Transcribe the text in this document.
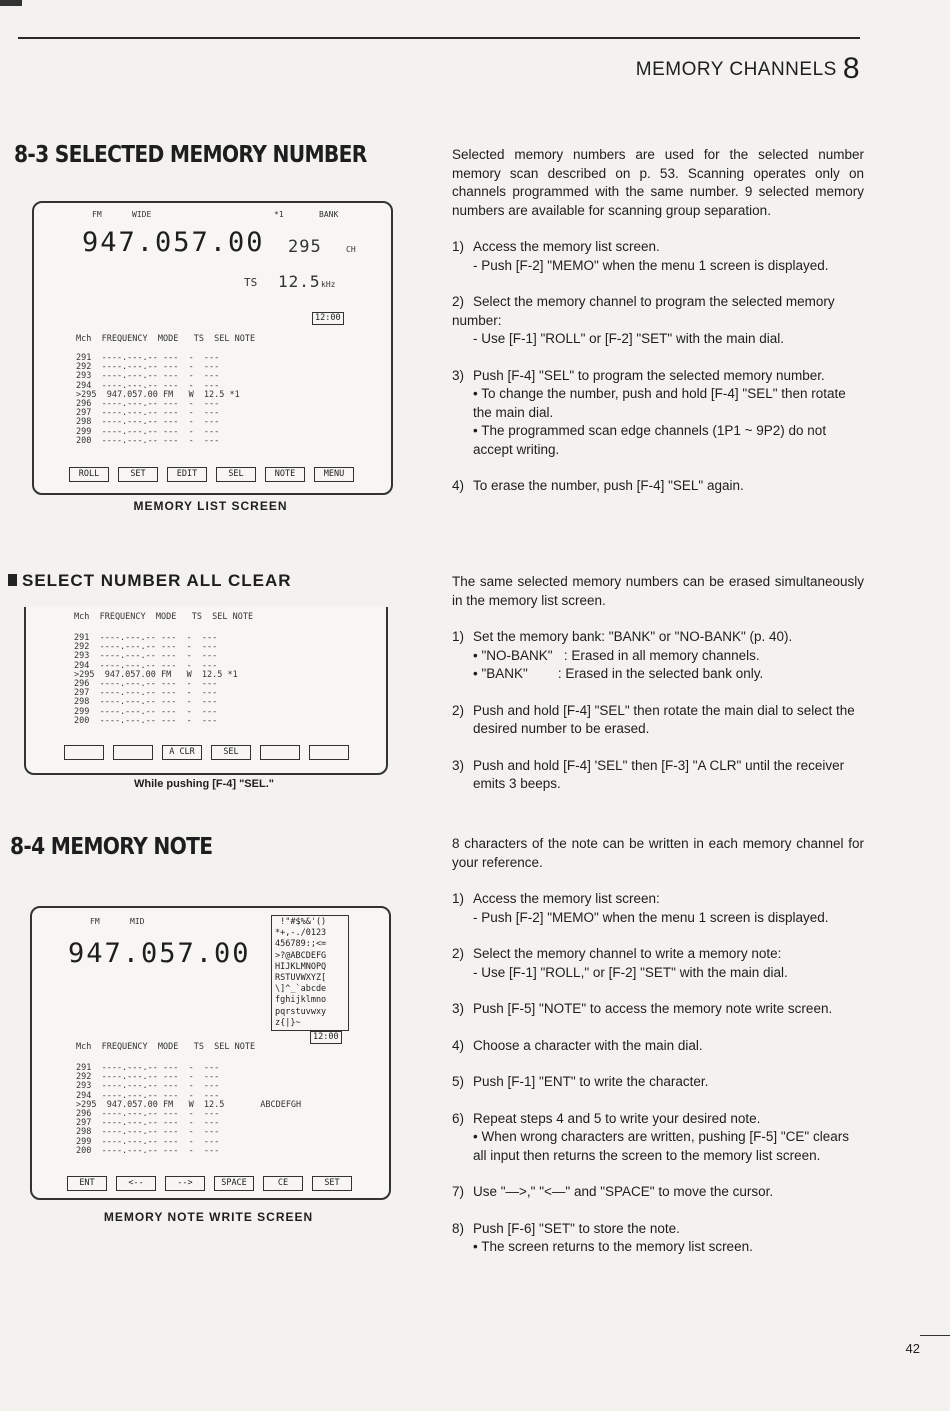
MEMORY CHANNELS 8
8-3 SELECTED MEMORY NUMBER
FM	WIDE	*1	BANK
947.057.00 295	CH
TS 12.5 kHz
12:00
Mch  FREQUENCY  MODE   TS  SEL NOTE
291  ----.---.-- ---  -  ---
292  ----.---.-- ---  -  ---
293  ----.---.-- ---  -  ---
294  ----.---.-- ---  -  ---
>295  947.057.00 FM   W  12.5 *1
296  ----.---.-- ---  -  ---
297  ----.---.-- ---  -  ---
298  ----.---.-- ---  -  ---
299  ----.---.-- ---  -  ---
200  ----.---.-- ---  -  ---
ROLL	SET	EDIT	SEL	NOTE	MENU
MEMORY LIST SCREEN

Selected memory numbers are used for the selected number memory scan described on p. 53. Scanning operates only on channels programmed with the same number. 9 selected memory numbers are available for scanning group separation.

1) Access the memory list screen.

- Push [F-2] "MEMO" when the menu 1 screen is displayed.

2) Select the memory channel to program the selected memory number:

- Use [F-1] "ROLL" or [F-2] "SET" with the main dial.

3) Push [F-4] "SEL" to program the selected memory number.

• To change the number, push and hold [F-4] "SEL" then rotate the main dial.

• The programmed scan edge channels (1P1 ~ 9P2) do not accept writing.

4) To erase the number, push [F-4] "SEL" again.

SELECT NUMBER ALL CLEAR
Mch  FREQUENCY  MODE   TS  SEL NOTE
291  ----.---.-- ---  -  ---
292  ----.---.-- ---  -  ---
293  ----.---.-- ---  -  ---
294  ----.---.-- ---  -  ---
>295  947.057.00 FM   W  12.5 *1
296  ----.---.-- ---  -  ---
297  ----.---.-- ---  -  ---
298  ----.---.-- ---  -  ---
299  ----.---.-- ---  -  ---
200  ----.---.-- ---  -  ---
A CLR	SEL
While pushing [F-4] "SEL."

The same selected memory numbers can be erased simultaneously in the memory list screen.

1) Set the memory bank: "BANK" or "NO-BANK" (p. 40).

• "NO-BANK"   : Erased in all memory channels.

• "BANK"        : Erased in the selected bank only.

2) Push and hold [F-4] "SEL" then rotate the main dial to select the desired number to be erased.

3) Push and hold [F-4] 'SEL" then [F-3] "A CLR" until the receiver emits 3 beeps.

8-4 MEMORY NOTE
FM	MID
947.057.00
!"#$%&'()
*+,-./0123
456789:;<=
>?@ABCDEFG
HIJKLMNOPQ
RSTUVWXYZ[
\]^_`abcde
fghijklmno
pqrstuvwxy
z{|}~
12:00
Mch  FREQUENCY  MODE   TS  SEL NOTE
291  ----.---.-- ---  -  ---
292  ----.---.-- ---  -  ---
293  ----.---.-- ---  -  ---
294  ----.---.-- ---  -  ---
>295  947.057.00 FM   W  12.5       ABCDEFGH
296  ----.---.-- ---  -  ---
297  ----.---.-- ---  -  ---
298  ----.---.-- ---  -  ---
299  ----.---.-- ---  -  ---
200  ----.---.-- ---  -  ---
ENT	<--	-->	SPACE	CE	SET
MEMORY NOTE WRITE SCREEN

8 characters of the note can be written in each memory channel for your reference.

1) Access the memory list screen:

- Push [F-2] "MEMO" when the menu 1 screen is displayed.

2) Select the memory channel to write a memory note:

- Use [F-1] "ROLL," or [F-2] "SET" with the main dial.

3) Push [F-5] "NOTE" to access the memory note write screen.

4) Choose a character with the main dial.

5) Push [F-1] "ENT" to write the character.

6) Repeat steps 4 and 5 to write your desired note.

• When wrong characters are written, pushing [F-5] "CE" clears all input then returns the screen to the memory list screen.

7) Use "—>," "<—" and "SPACE" to move the cursor.

8) Push [F-6] "SET" to store the note.

• The screen returns to the memory list screen.

42
